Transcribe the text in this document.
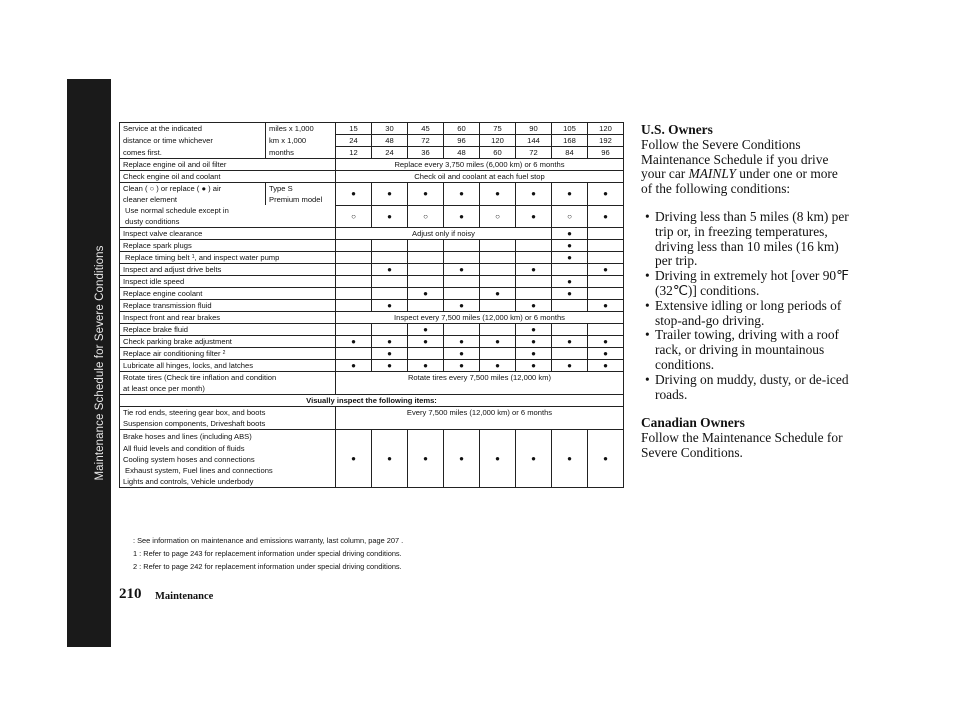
Maintenance Schedule for Severe Conditions
Service at the indicated	miles x 1,000	15	30	45	60	75	90	105	120
distance or time whichever	km x 1,000	24	48	72	96	120	144	168	192
comes first.	months	12	24	36	48	60	72	84	96
Replace engine oil and oil filter		Replace every 3,750 miles (6,000 km) or 6 months							
Check engine oil and coolant		Check oil and coolant at each fuel stop							
Clean ( ○ ) or replace ( ● ) air	Type S	●	●	●	●	●	●	●	●
cleaner element	Premium model								
Use normal schedule except in		○	●	○	●	○	●	○	●
dusty conditions									
Inspect valve clearance		Adjust only if noisy						●	
Replace spark plugs								●	
Replace timing belt $^1$, and inspect water pump								●	
Inspect and adjust drive belts			●		●		●		●
Inspect idle speed								●	
Replace engine coolant				●		●		●	
Replace transmission fluid			●		●		●		●
Inspect front and rear brakes		Inspect every 7,500 miles (12,000 km) or 6 months							
Replace brake fluid				●			●		
Check parking brake adjustment		●	●	●	●	●	●	●	●
Replace air conditioning filter $^2$			●		●		●		●
Lubricate all hinges, locks, and latches		●	●	●	●	●	●	●	●
Rotate tires (Check tire inflation and condition		Rotate tires every 7,500 miles (12,000 km)							
at least once per month)									
Visually inspect the following items:									
Tie rod ends, steering gear box, and boots		Every 7,500 miles (12,000 km) or 6 months							
Suspension components, Driveshaft boots									
Brake hoses and lines (including ABS)		●	●	●	●	●	●	●	●
All fluid levels and condition of fluids									
Cooling system hoses and connections									
Exhaust system, Fuel lines and connections									
Lights and controls, Vehicle underbody									
: See information on maintenance and emissions warranty, last column, page 207 .
1 : Refer to page 243 for replacement information under special driving conditions.
2 : Refer to page 242 for replacement information under special driving conditions.
210 Maintenance
U.S. Owners

Follow the Severe Conditions Maintenance Schedule if you drive your car MAINLY under one or more of the following conditions:

• Driving less than 5 miles (8 km) per trip or, in freezing temperatures, driving less than 10 miles (16 km) per trip.
• Driving in extremely hot [over 90℉ (32℃)] conditions.
• Extensive idling or long periods of stop-and-go driving.
• Trailer towing, driving with a roof rack, or driving in mountainous conditions.
• Driving on muddy, dusty, or de-iced roads.
Canadian Owners

Follow the Maintenance Schedule for Severe Conditions.
